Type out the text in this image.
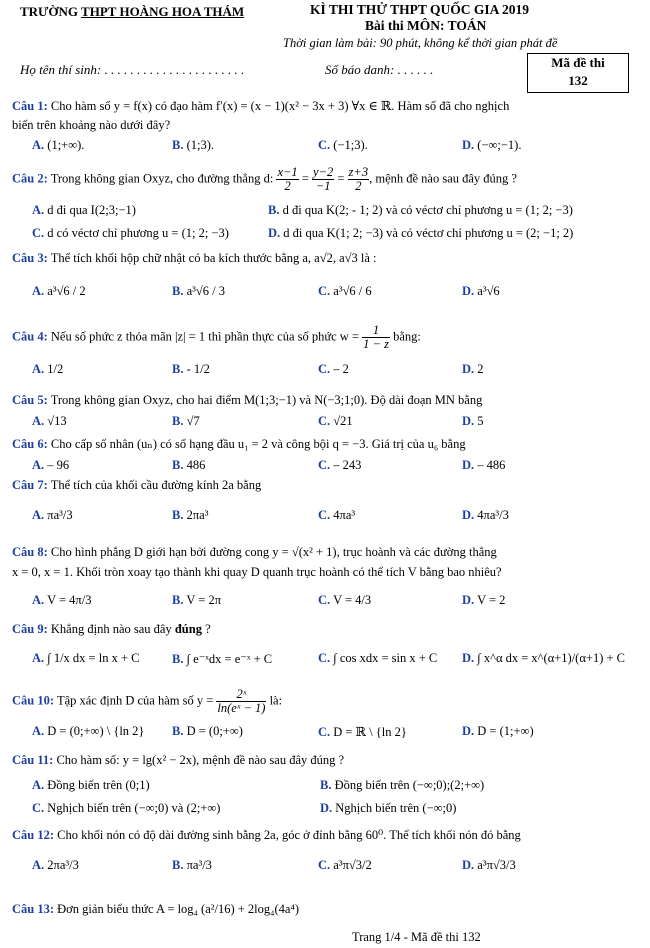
TRƯỜNG THPT HOÀNG HOA THÁM	KÌ THI THỬ THPT QUỐC GIA 2019
Bài thi MÔN: TOÁN
Thời gian làm bài: 90 phút, không kể thời gian phát đề
Họ tên thí sinh: . . . . . . . . . . . . . . . . . . . . . .	Số báo danh: . . . . . .	Mã đề thi
132
Câu 1: Cho hàm số y = f(x) có đạo hàm f′(x) = (x − 1)(x² − 3x + 3) ∀x ∈ ℝ. Hàm số đã cho nghịch
biến trên khoảng nào dưới đây?
A. (1;+∞).	B. (1;3).	C. (−1;3).	D. (−∞;−1).
Câu 2: Trong không gian Oxyz, cho đường thẳng d: $\frac{x-1}{2} = \frac{y-2}{-1} = \frac{z+3}{2}$ , mệnh đề nào sau đây đúng ?
A. d đi qua I(2;3;−1)	B. d đi qua K(2; - 1; 2) và có véctơ chỉ phương u = (1; 2; −3)
C. d có véctơ chỉ phương u = (1; 2; −3)	D. d đi qua K(1; 2; −3) và có véctơ chỉ phương u = (2; −1; 2)
Câu 3: Thể tích khối hộp chữ nhật có ba kích thước bằng a, a√2, a√3 là :
A. a³√6 / 2	B. a³√6 / 3	C. a³√6 / 6	D. a³√6
Câu 4: Nếu số phức z thỏa mãn |z| = 1 thì phần thực của số phức $w = \frac{1}{1 - z}$ bằng:
A. 1/2	B. - 1/2	C. – 2	D. 2
Câu 5: Trong không gian Oxyz, cho hai điểm M(1;3;−1) và N(−3;1;0). Độ dài đoạn MN bằng
A. √13	B. √7	C. √21	D. 5
Câu 6: Cho cấp số nhân (uₙ) có số hạng đầu u₁ = 2 và công bội q = −3. Giá trị của u₆ bằng
A. – 96	B. 486	C. – 243	D. – 486
Câu 7: Thể tích của khối cầu đường kính 2a bằng
A. πa³/3	B. 2πa³	C. 4πa³	D. 4πa³/3
Câu 8: Cho hình phẳng D giới hạn bởi đường cong y = √(x² + 1), trục hoành và các đường thẳng
x = 0, x = 1. Khối tròn xoay tạo thành khi quay D quanh trục hoành có thể tích V bằng bao nhiêu?
A. V = 4π/3	B. V = 2π	C. V = 4/3	D. V = 2
Câu 9: Khẳng định nào sau đây đúng ?
A. ∫ 1/x dx = ln x + C	B. ∫ e⁻ˣdx = e⁻ˣ + C	C. ∫ cos xdx = sin x + C D. ∫ x^α dx = x^(α+1)/(α+1) + C
Câu 10: Tập xác định D của hàm số $y = \frac{\text{2ˣ}}{\text{ln(eˣ − 1)}}$ là:
A. D = (0;+∞) \ {ln 2} B. D = (0;+∞)	C. D = ℝ \ {ln 2}	D. D = (1;+∞)
Câu 11: Cho hàm số: y = lg(x² − 2x), mệnh đề nào sau đây đúng ?
A. Đồng biến trên (0;1)	B. Đồng biến trên (−∞;0);(2;+∞)
C. Nghịch biến trên (−∞;0) và (2;+∞)	D. Nghịch biến trên (−∞;0)
Câu 12: Cho khối nón có độ dài đường sinh bằng 2a, góc ở đỉnh bằng 60⁰. Thể tích khối nón đó bằng
A. 2πa³/3	B. πa³/3	C. a³π√3/2	D. a³π√3/3
Câu 13: Đơn giản biểu thức A = log₄ (a²/16) + 2log₄(4a⁴)
Trang 1/4 - Mã đề thi 132
